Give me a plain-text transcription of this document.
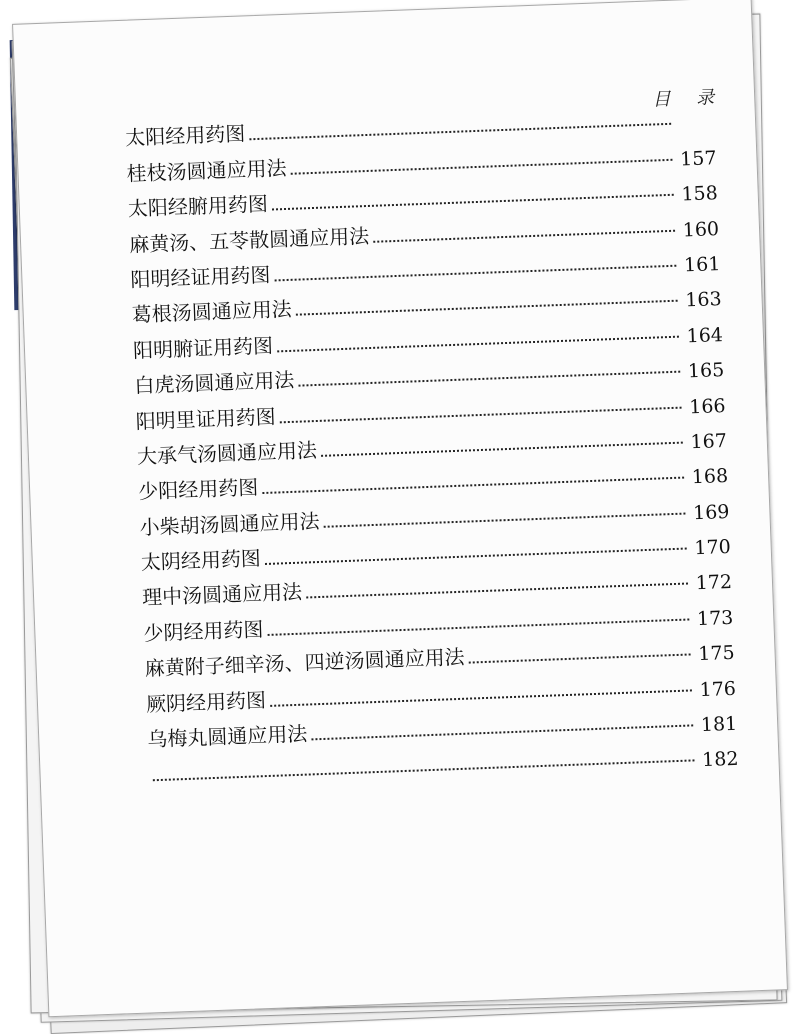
目 录
太阳经用药图
桂枝汤圆通应用法	157
太阳经腑用药图	158
麻黄汤、五苓散圆通应用法	160
阳明经证用药图	161
葛根汤圆通应用法	163
阳明腑证用药图	164
白虎汤圆通应用法	165
阳明里证用药图	166
大承气汤圆通应用法	167
少阳经用药图	168
小柴胡汤圆通应用法	169
太阴经用药图	170
理中汤圆通应用法	172
少阴经用药图	173
麻黄附子细辛汤、四逆汤圆通应用法	175
厥阴经用药图	176
乌梅丸圆通应用法	181
182
